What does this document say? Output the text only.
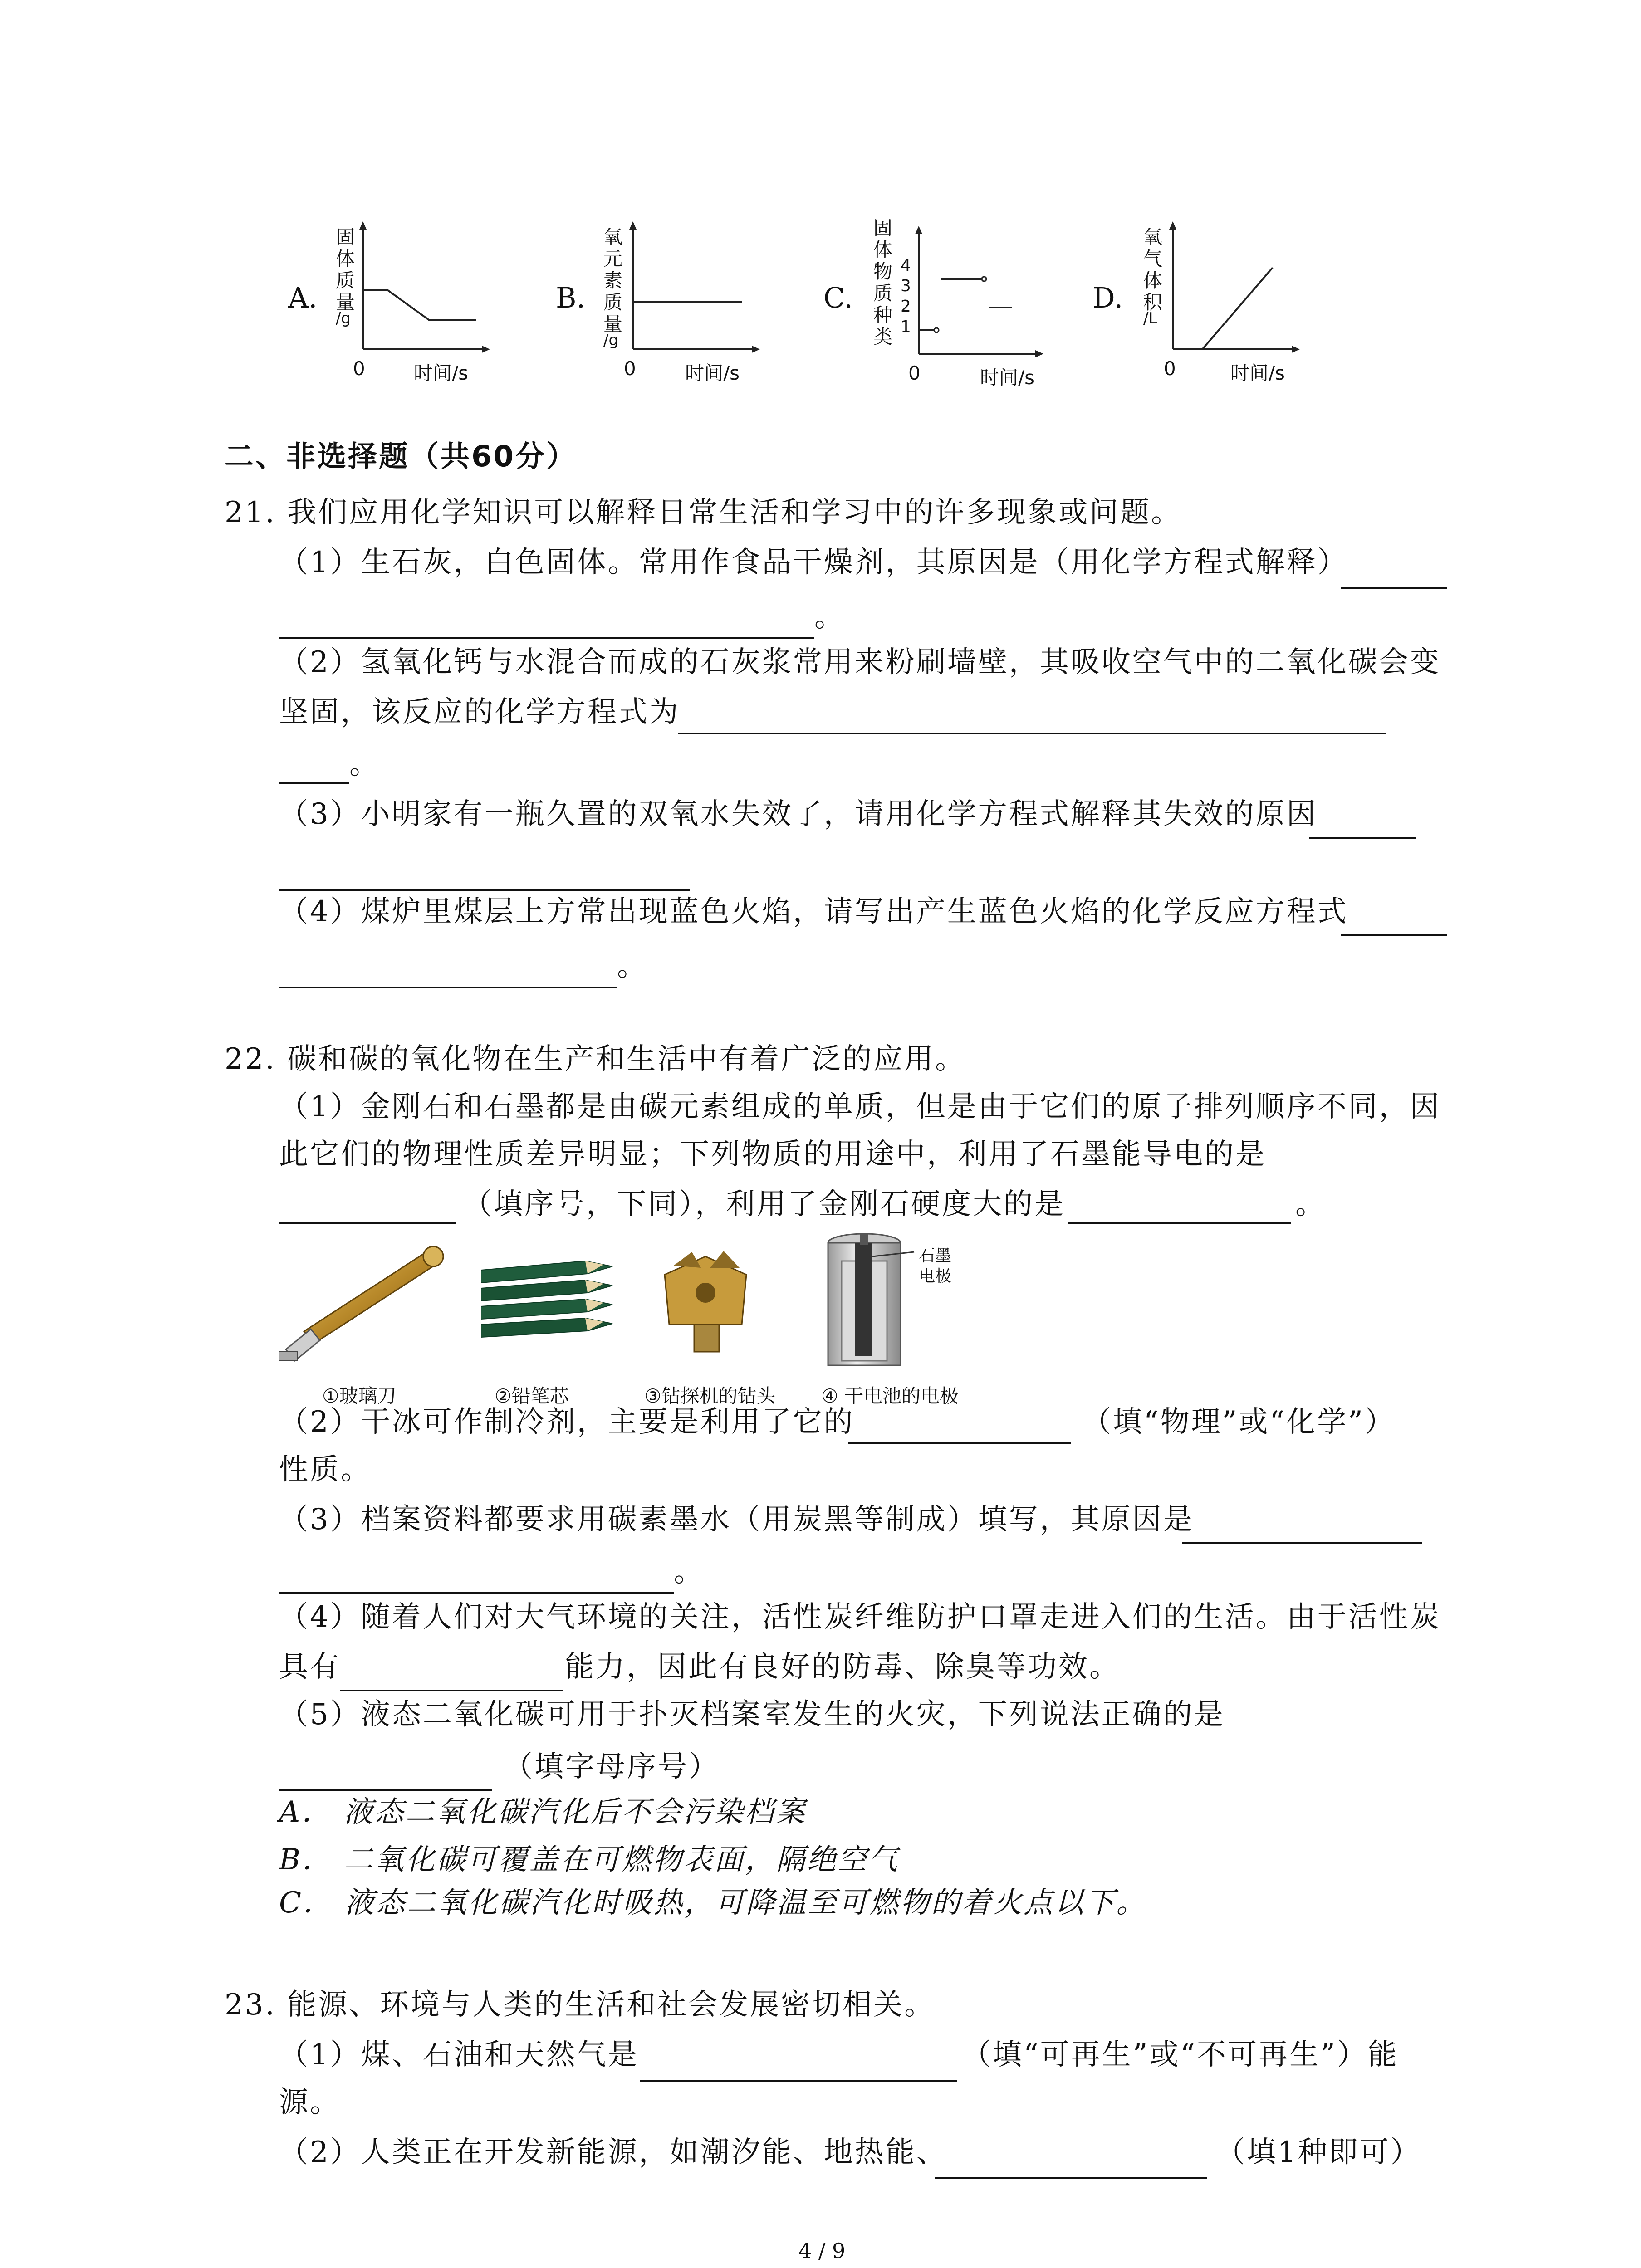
A.
固
体
质
量
/g
0	时间/s
B.
氧
元
素
质
量
/g
0	时间/s
C.
固
体
物
质
种
类
4
3
2
1
0	时间/s
D.
氧
气
体
积
/L
0	时间/s
二、非选择题（共60分）
21. 我们应用化学知识可以解释日常生活和学习中的许多现象或问题。
（1）生石灰，白色固体。常用作食品干燥剂，其原因是（用化学方程式解释）
。
（2）氢氧化钙与水混合而成的石灰浆常用来粉刷墙壁，其吸收空气中的二氧化碳会变
坚固，该反应的化学方程式为
。
（3）小明家有一瓶久置的双氧水失效了，请用化学方程式解释其失效的原因
（4）煤炉里煤层上方常出现蓝色火焰，请写出产生蓝色火焰的化学反应方程式
。
22. 碳和碳的氧化物在生产和生活中有着广泛的应用。
（1）金刚石和石墨都是由碳元素组成的单质，但是由于它们的原子排列顺序不同，因
此它们的物理性质差异明显；下列物质的用途中，利用了石墨能导电的是
（填序号，下同），利用了金刚石硬度大的是	。
石墨
电极
①玻璃刀	②铅笔芯	③钻探机的钻头 ④ 干电池的电极
（2）干冰可作制冷剂，主要是利用了它的	（填“物理”或“化学”）
性质。
（3）档案资料都要求用碳素墨水（用炭黑等制成）填写，其原因是
。
（4）随着人们对大气环境的关注，活性炭纤维防护口罩走进入们的生活。由于活性炭
具有	能力，因此有良好的防毒、除臭等功效。
（5）液态二氧化碳可用于扑灭档案室发生的火灾，下列说法正确的是
（填字母序号）
A． 液态二氧化碳汽化后不会污染档案
B． 二氧化碳可覆盖在可燃物表面，隔绝空气
C． 液态二氧化碳汽化时吸热，可降温至可燃物的着火点以下。
23. 能源、环境与人类的生活和社会发展密切相关。
（1）煤、石油和天然气是	（填“可再生”或“不可再生”）能
源。
（2）人类正在开发新能源，如潮汐能、地热能、	（填1种即可）
4 / 9
